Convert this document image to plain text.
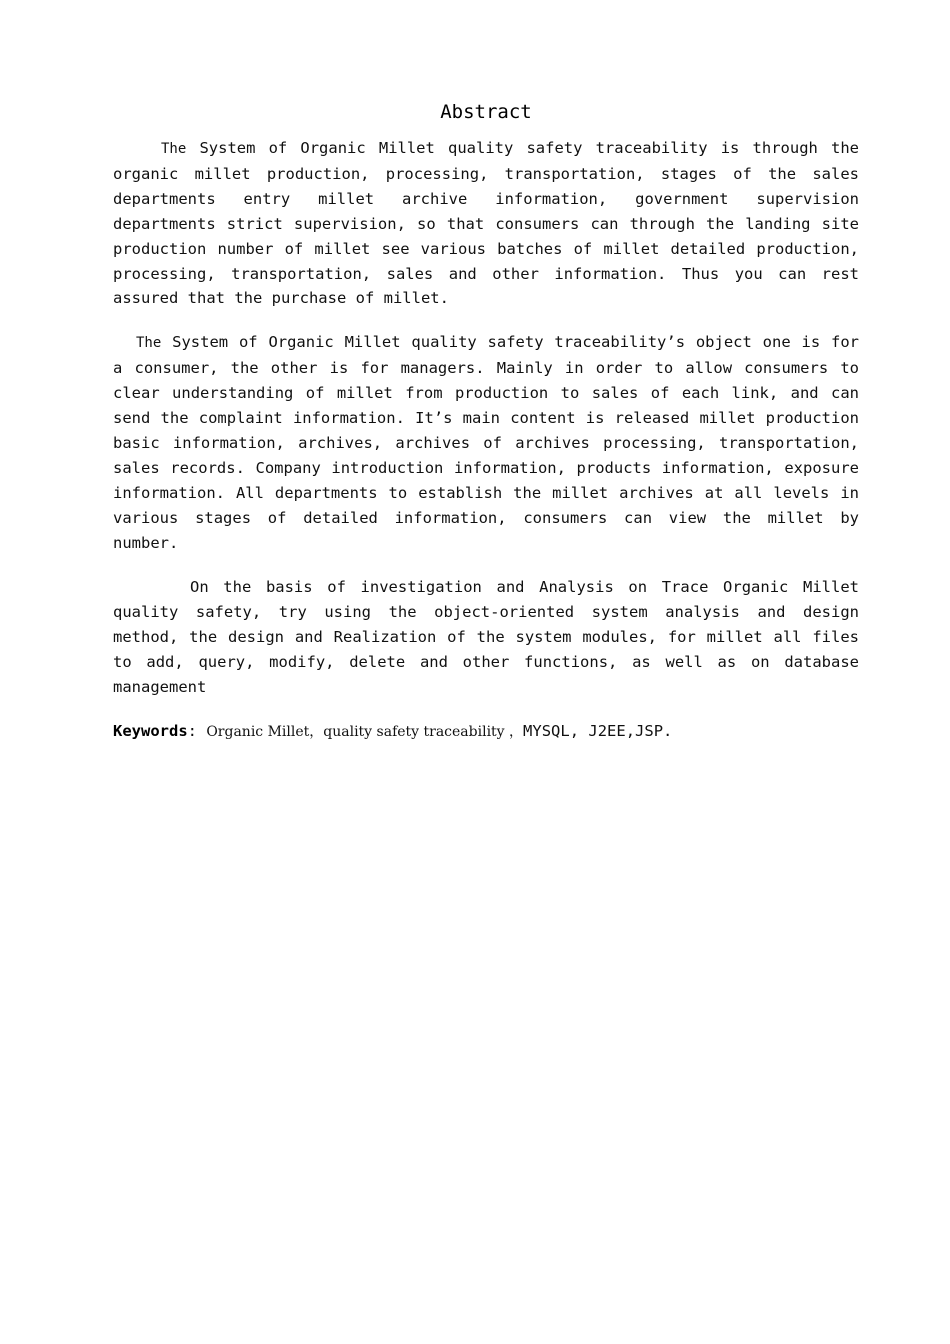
Abstract

The System of Organic Millet quality safety traceability is through the organic millet production, processing, transportation, stages of the sales departments entry millet archive information, government supervision departments strict supervision, so that consumers can through the landing site production number of millet see various batches of millet detailed production, processing, transportation, sales and other information. Thus you can rest assured that the purchase of millet.

The System of Organic Millet quality safety traceability’s object one is for a consumer, the other is for managers. Mainly in order to allow consumers to clear understanding of millet from production to sales of each link, and can send the complaint information. It’s main content is released millet production basic information, archives, archives of archives processing, transportation, sales records. Company introduction information, products information, exposure information. All departments to establish the millet archives at all levels in various stages of detailed information, consumers can view the millet by number.

On the basis of investigation and Analysis on Trace Organic Millet quality safety, try using the object-oriented system analysis and design method, the design and Realization of the system modules, for millet all files to add, query, modify, delete and other functions, as well as on database management

Keywords: Organic Millet，quality safety traceability ，MYSQL, J2EE,JSP.
